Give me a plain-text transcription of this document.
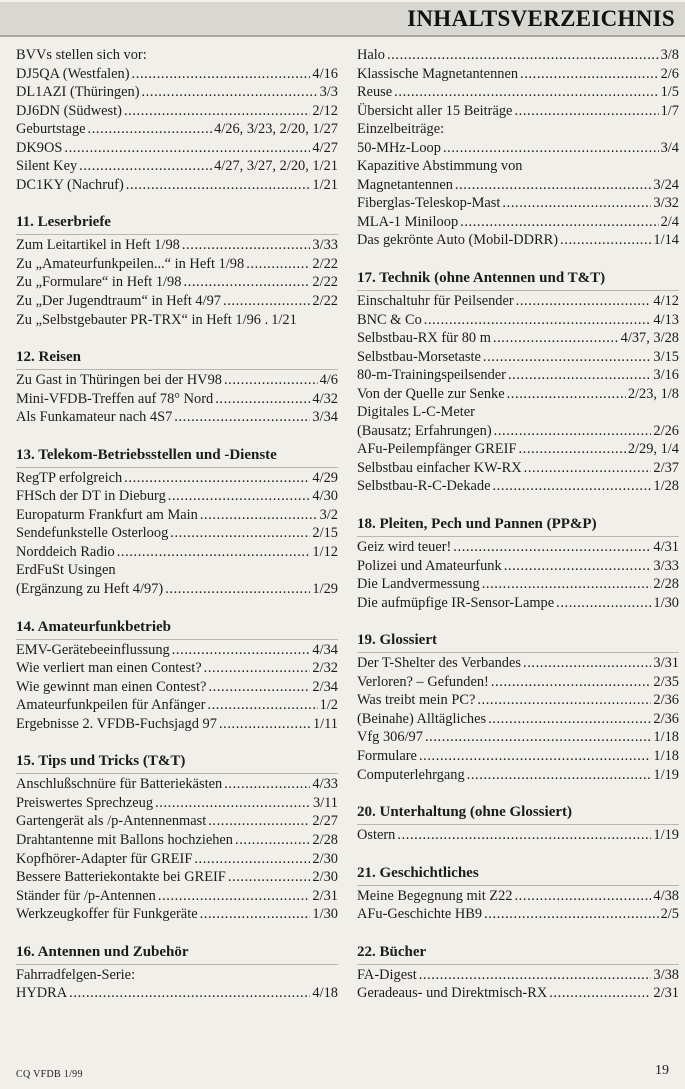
INHALTSVERZEICHNIS
BVVs stellen sich vor:
DJ5QA (Westfalen) .....	4/16
DL1AZI (Thüringen) .....	3/3
DJ6DN (Südwest) .....	2/12
Geburtstage .....	4/26, 3/23, 2/20, 1/27
DK9OS .....	4/27
Silent Key .....	4/27, 3/27, 2/20, 1/21
DC1KY (Nachruf) .....	1/21
11. Leserbriefe
Zum Leitartikel in Heft 1/98 .....	3/33
Zu „Amateurfunkpeilen...“ in Heft 1/98 .....	2/22
Zu „Formulare“ in Heft 1/98 .....	2/22
Zu „Der Jugendtraum“ in Heft 4/97 .....	2/22
Zu „Selbstgebauter PR-TRX“ in Heft 1/96 . 1/21
12. Reisen
Zu Gast in Thüringen bei der HV98 .....	4/6
Mini-VFDB-Treffen auf 78° Nord .....	4/32
Als Funkamateur nach 4S7 .....	3/34
13. Telekom-Betriebsstellen und -Dienste
RegTP erfolgreich .....	4/29
FHSch der DT in Dieburg .....	4/30
Europaturm Frankfurt am Main .....	3/2
Sendefunkstelle Osterloog .....	2/15
Norddeich Radio .....	1/12
ErdFuSt Usingen
(Ergänzung zu Heft 4/97) .....	1/29
14. Amateurfunkbetrieb
EMV-Gerätebeeinflussung .....	4/34
Wie verliert man einen Contest? .....	2/32
Wie gewinnt man einen Contest? .....	2/34
Amateurfunkpeilen für Anfänger .....	1/2
Ergebnisse 2. VFDB-Fuchsjagd 97 .....	1/11
15. Tips und Tricks (T&T)
Anschlußschnüre für Batteriekästen .....	4/33
Preiswertes Sprechzeug .....	3/11
Gartengerät als /p-Antennenmast .....	2/27
Drahtantenne mit Ballons hochziehen .....	2/28
Kopfhörer-Adapter für GREIF .....	2/30
Bessere Batteriekontakte bei GREIF .....	2/30
Ständer für /p-Antennen .....	2/31
Werkzeugkoffer für Funkgeräte .....	1/30
16. Antennen und Zubehör
Fahrradfelgen-Serie:
HYDRA .....	4/18
Halo .....	3/8
Klassische Magnetantennen .....	2/6
Reuse .....	1/5
Übersicht aller 15 Beiträge .....	1/7
Einzelbeiträge:
50-MHz-Loop .....	3/4
Kapazitive Abstimmung von
Magnetantennen .....	3/24
Fiberglas-Teleskop-Mast .....	3/32
MLA-1 Miniloop .....	2/4
Das gekrönte Auto (Mobil-DDRR) .....	1/14
17. Technik (ohne Antennen und T&T)
Einschaltuhr für Peilsender .....	4/12
BNC & Co .....	4/13
Selbstbau-RX für 80 m .....	4/37, 3/28
Selbstbau-Morsetaste .....	3/15
80-m-Trainingspeilsender .....	3/16
Von der Quelle zur Senke .....	2/23, 1/8
Digitales L-C-Meter
(Bausatz; Erfahrungen) .....	2/26
AFu-Peilempfänger GREIF .....	2/29, 1/4
Selbstbau einfacher KW-RX .....	2/37
Selbstbau-R-C-Dekade .....	1/28
18. Pleiten, Pech und Pannen (PP&P)
Geiz wird teuer! .....	4/31
Polizei und Amateurfunk .....	3/33
Die Landvermessung .....	2/28
Die aufmüpfige IR-Sensor-Lampe .....	1/30
19. Glossiert
Der T-Shelter des Verbandes .....	3/31
Verloren? – Gefunden! .....	2/35
Was treibt mein PC? .....	2/36
(Beinahe) Alltägliches .....	2/36
Vfg 306/97 .....	1/18
Formulare .....	1/18
Computerlehrgang .....	1/19
20. Unterhaltung (ohne Glossiert)
Ostern .....	1/19
21. Geschichtliches
Meine Begegnung mit Z22 .....	4/38
AFu-Geschichte HB9 .....	2/5
22. Bücher
FA-Digest .....	3/38
Geradeaus- und Direktmisch-RX .....	2/31
CQ VFDB 1/99	19
